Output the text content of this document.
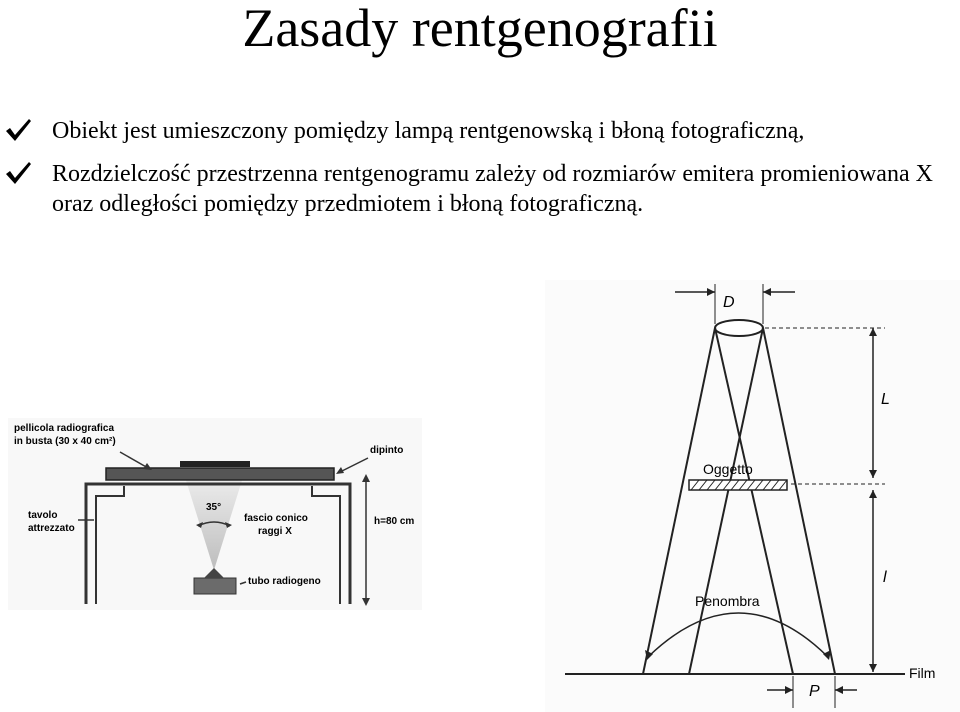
Zasady rentgenografii
Obiekt jest umieszczony pomiędzy lampą rentgenowską i błoną fotograficzną,
Rozdzielczość przestrzenna rentgenogramu zależy od rozmiarów emitera promieniowana X oraz odległości pomiędzy przedmiotem i błoną fotograficzną.
pellicola radiografica
in busta (30 x 40 cm²)
dipinto
tavolo
attrezzato
35°
fascio conico
raggi X
h=80 cm
tubo radiogeno
D
Oggetto
Film
L
l
Penombra
P
